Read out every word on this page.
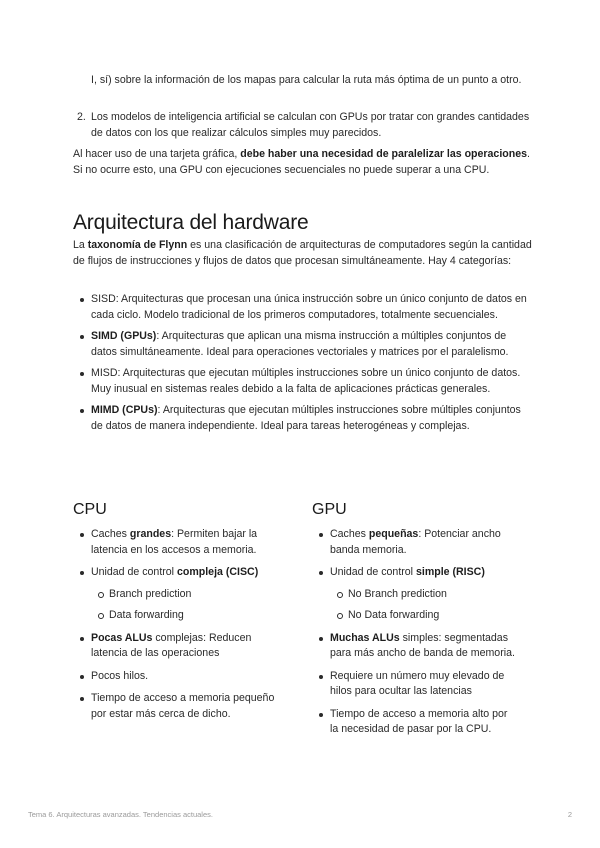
I, sí) sobre la información de los mapas para calcular la ruta más óptima de un punto a otro.

2. Los modelos de inteligencia artificial se calculan con GPUs por tratar con grandes cantidades de datos con los que realizar cálculos simples muy parecidos.

Al hacer uso de una tarjeta gráfica, debe haber una necesidad de paralelizar las operaciones. Si no ocurre esto, una GPU con ejecuciones secuenciales no puede superar a una CPU.

Arquitectura del hardware

La taxonomía de Flynn es una clasificación de arquitecturas de computadores según la cantidad de flujos de instrucciones y flujos de datos que procesan simultáneamente. Hay 4 categorías:

SISD: Arquitecturas que procesan una única instrucción sobre un único conjunto de datos en cada ciclo. Modelo tradicional de los primeros computadores, totalmente secuenciales.
SIMD (GPUs): Arquitecturas que aplican una misma instrucción a múltiples conjuntos de datos simultáneamente. Ideal para operaciones vectoriales y matrices por el paralelismo.
MISD: Arquitecturas que ejecutan múltiples instrucciones sobre un único conjunto de datos. Muy inusual en sistemas reales debido a la falta de aplicaciones prácticas generales.
MIMD (CPUs): Arquitecturas que ejecutan múltiples instrucciones sobre múltiples conjuntos de datos de manera independiente. Ideal para tareas heterogéneas y complejas.
CPU
Caches grandes: Permiten bajar la latencia en los accesos a memoria.
Unidad de control compleja (CISC)
Branch prediction
Data forwarding
Pocas ALUs complejas: Reducen latencia de las operaciones
Pocos hilos.
Tiempo de acceso a memoria pequeño por estar más cerca de dicho.
GPU
Caches pequeñas: Potenciar ancho banda memoria.
Unidad de control simple (RISC)
No Branch prediction
No Data forwarding
Muchas ALUs simples: segmentadas para más ancho de banda de memoria.
Requiere un número muy elevado de hilos para ocultar las latencias
Tiempo de acceso a memoria alto por la necesidad de pasar por la CPU.
Tema 6. Arquitecturas avanzadas. Tendencias actuales.	2
